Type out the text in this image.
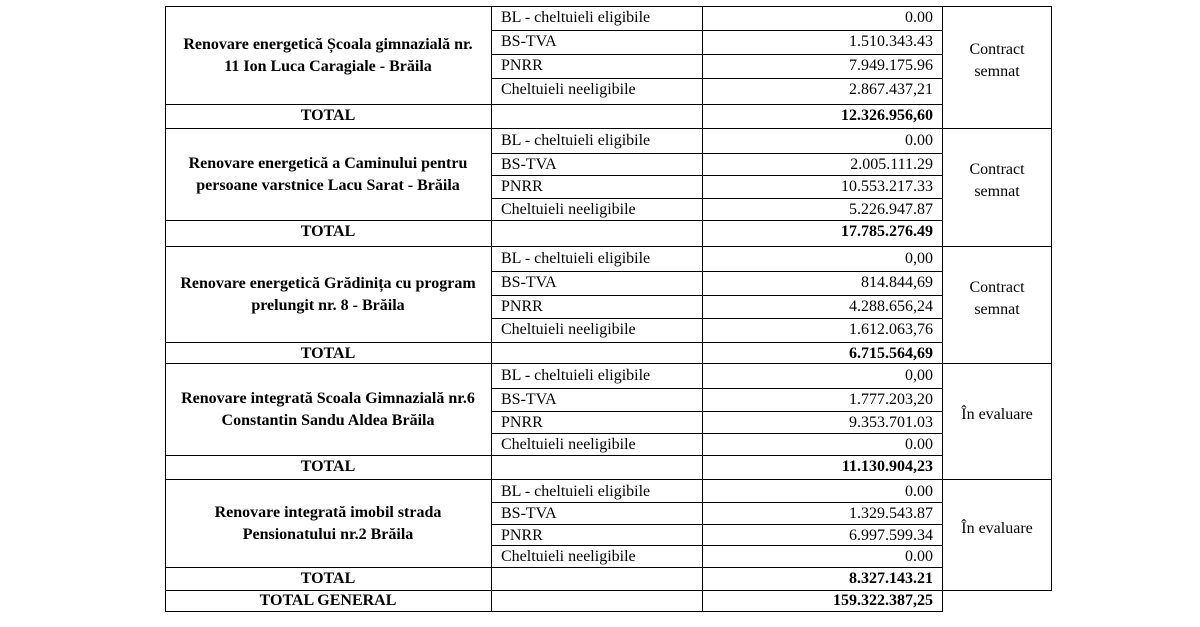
Renovare energetică Școala gimnazială nr. 11 Ion Luca Caragiale - Brăila
BL - cheltuieli eligibile	0.00
BS-TVA	1.510.343.43
PNRR	7.949.175.96
Cheltuieli neeligibile	2.867.437,21
TOTAL	12.326.956,60
Contract semnat
Renovare energetică a Caminului pentru persoane varstnice Lacu Sarat - Brăila
BL - cheltuieli eligibile	0.00
BS-TVA	2.005.111.29
PNRR	10.553.217.33
Cheltuieli neeligibile	5.226.947.87
TOTAL	17.785.276.49
Contract semnat
Renovare energetică Grădinița cu program prelungit nr. 8 - Brăila
BL - cheltuieli eligibile	0,00
BS-TVA	814.844,69
PNRR	4.288.656,24
Cheltuieli neeligibile	1.612.063,76
TOTAL	6.715.564,69
Contract semnat
Renovare integrată Scoala Gimnazială nr.6 Constantin Sandu Aldea Brăila
BL - cheltuieli eligibile	0,00
BS-TVA	1.777.203,20
PNRR	9.353.701.03
Cheltuieli neeligibile	0.00
TOTAL	11.130.904,23
În evaluare
Renovare integrată imobil strada Pensionatului nr.2 Brăila
BL - cheltuieli eligibile	0.00
BS-TVA	1.329.543.87
PNRR	6.997.599.34
Cheltuieli neeligibile	0.00
TOTAL	8.327.143.21
În evaluare
TOTAL GENERAL	159.322.387,25
